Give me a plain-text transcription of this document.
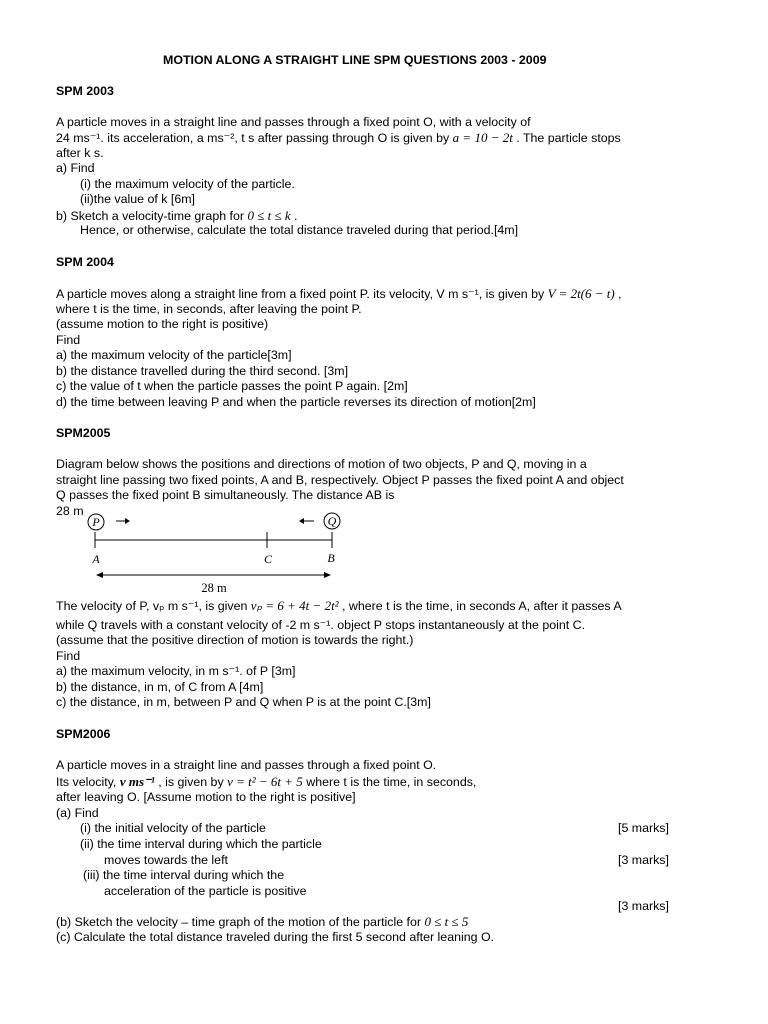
MOTION ALONG A STRAIGHT LINE SPM QUESTIONS 2003 - 2009
SPM 2003
A particle moves in a straight line and passes through a fixed point O, with a velocity of
24 ms⁻¹. its acceleration, a ms⁻², t s after passing through O is given by a = 10 − 2t . The particle stops
after k s.
a) Find
(i) the maximum velocity of the particle.
(ii)the value of k [6m]
b) Sketch a velocity-time graph for 0 ≤ t ≤ k .
Hence, or otherwise, calculate the total distance traveled during that period.[4m]
SPM 2004
A particle moves along a straight line from a fixed point P. its velocity, V m s⁻¹, is given by V = 2t(6 − t) ,
where t is the time, in seconds, after leaving the point P.
(assume motion to the right is positive)
Find
a) the maximum velocity of the particle[3m]
b) the distance travelled during the third second. [3m]
c) the value of t when the particle passes the point P again. [2m]
d) the time between leaving P and when the particle reverses its direction of motion[2m]
SPM2005
Diagram below shows the positions and directions of motion of two objects, P and Q, moving in a
straight line passing two fixed points, A and B, respectively. Object P passes the fixed point A and object
Q passes the fixed point B simultaneously. The distance AB is
28 m
P	Q
A	C	B
28 m
The velocity of P, vₚ m s⁻¹, is given vₚ = 6 + 4t − 2t² , where t is the time, in seconds A, after it passes A
while Q travels with a constant velocity of -2 m s⁻¹. object P stops instantaneously at the point C.
(assume that the positive direction of motion is towards the right.)
Find
a) the maximum velocity, in m s⁻¹. of P [3m]
b) the distance, in m, of C from A [4m]
c) the distance, in m, between P and Q when P is at the point C.[3m]
SPM2006
A particle moves in a straight line and passes through a fixed point O.
Its velocity, v ms⁻¹ , is given by v = t² − 6t + 5 where t is the time, in seconds,
after leaving O. [Assume motion to the right is positive]
(a) Find
(i) the initial velocity of the particle	[5 marks]
(ii) the time interval during which the particle
moves towards the left	[3 marks]
(iii) the time interval during which the
acceleration of the particle is positive
[3 marks]
(b) Sketch the velocity – time graph of the motion of the particle for 0 ≤ t ≤ 5
(c) Calculate the total distance traveled during the first 5 second after leaning O.
